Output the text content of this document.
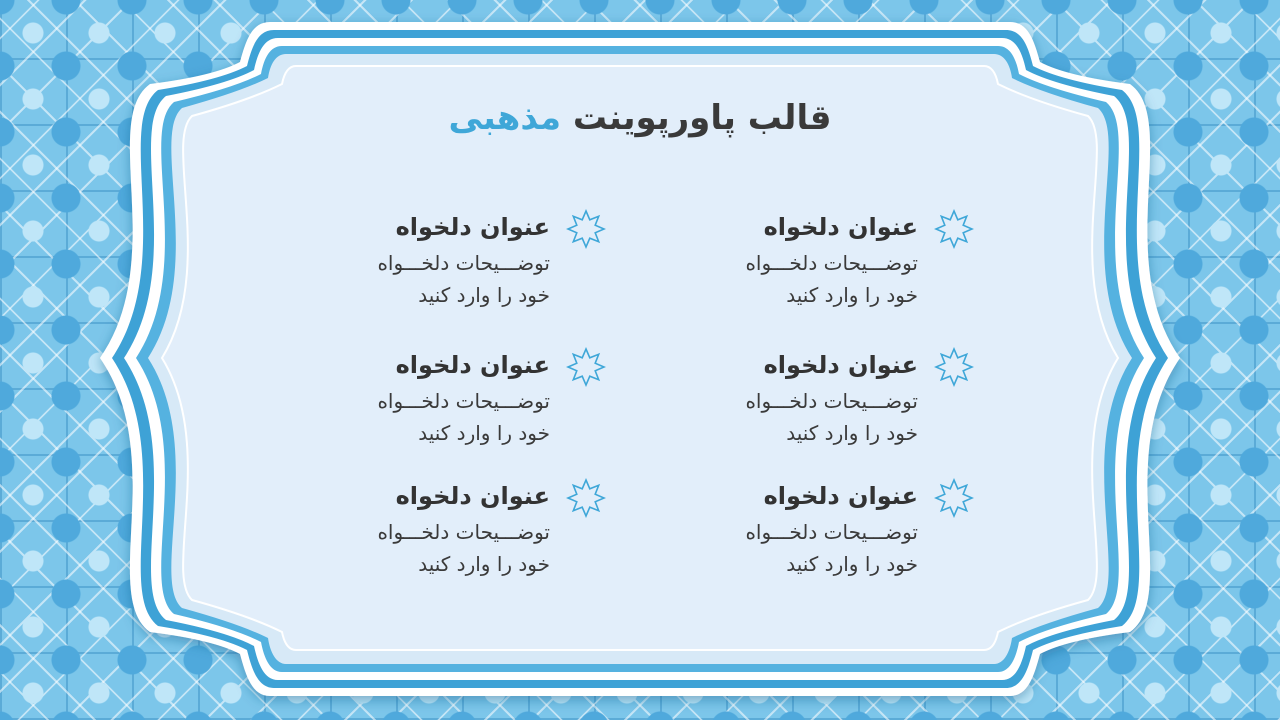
قالب پاورپوینت مذهبی
عنوان دلخواه
توضـــیحات دلخـــواه
خود را وارد کنید
عنوان دلخواه
توضـــیحات دلخـــواه
خود را وارد کنید
عنوان دلخواه
توضـــیحات دلخـــواه
خود را وارد کنید
عنوان دلخواه
توضـــیحات دلخـــواه
خود را وارد کنید
عنوان دلخواه
توضـــیحات دلخـــواه
خود را وارد کنید
عنوان دلخواه
توضـــیحات دلخـــواه
خود را وارد کنید
